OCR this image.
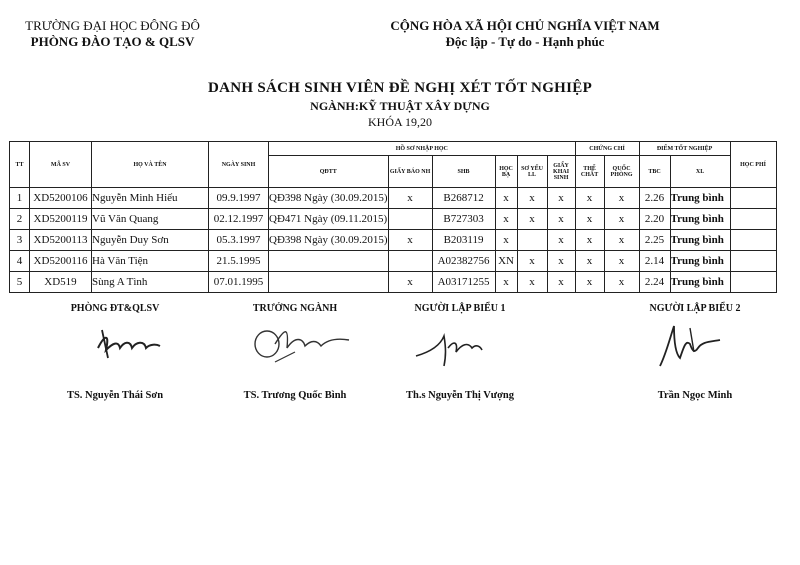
TRƯỜNG ĐẠI HỌC ĐÔNG ĐÔ
PHÒNG ĐÀO TẠO & QLSV
CỘNG HÒA XÃ HỘI CHỦ NGHĨA VIỆT NAM
Độc lập - Tự do - Hạnh phúc
DANH SÁCH SINH VIÊN ĐỀ NGHỊ XÉT TỐT NGHIỆP
NGÀNH:KỸ THUẬT XÂY DỰNG
KHÓA 19,20
TT	MÃ SV	HỌ VÀ TÊN	NGÀY SINH	HỒ SƠ NHẬP HỌC						CHỨNG CHỈ		ĐIỂM TỐT NGHIỆP		HỌC PHÍ
				QĐTT	GIẤY BÁO NH	SHB	HỌC BẠ	SƠ YẾU LL	GIẤY KHAI SINH	THỂ CHẤT	QUỐC PHÒNG	TBC	XL	
1	XD5200106	Nguyễn Minh Hiếu	09.9.1997	QĐ398 Ngày (30.09.2015)	x	B268712	x	x	x	x	x	2.26	Trung bình	
2	XD5200119	Vũ Văn Quang	02.12.1997	QĐ471 Ngày (09.11.2015)		B727303	x	x	x	x	x	2.20	Trung bình	
3	XD5200113	Nguyễn Duy Sơn	05.3.1997	QĐ398 Ngày (30.09.2015)	x	B203119	x		x	x	x	2.25	Trung bình	
4	XD5200116	Hà Văn Tiện	21.5.1995			A02382756	XN	x	x	x	x	2.14	Trung bình	
5	XD519	Sùng A Tình	07.01.1995		x	A03171255	x	x	x	x	x	2.24	Trung bình	
PHÒNG ĐT&QLSV	TRƯỞNG NGÀNH	NGƯỜI LẬP BIỂU 1	NGƯỜI LẬP BIỂU 2
TS. Nguyễn Thái Sơn	TS. Trương Quốc Bình	Th.s Nguyễn Thị Vượng	Trần Ngọc Minh
